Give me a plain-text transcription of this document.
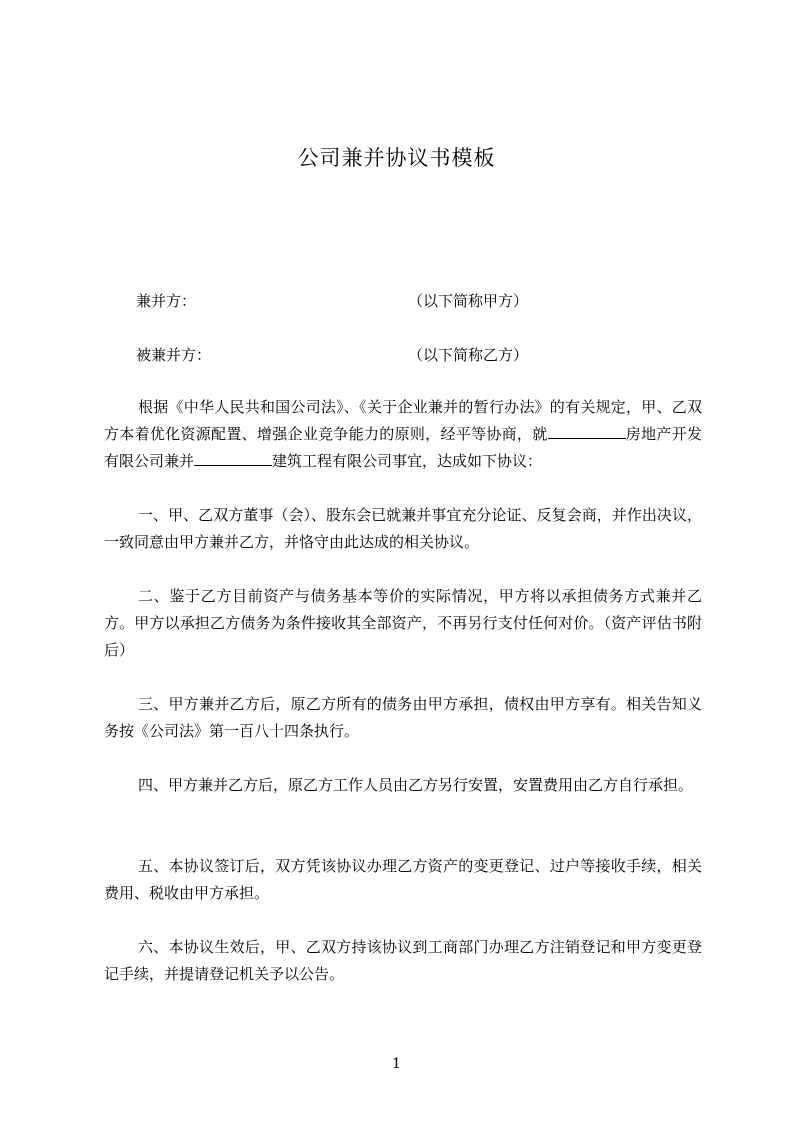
公司兼并协议书模板
兼并方：	（以下简称甲方）
被兼并方：	（以下简称乙方）

根据《中华人民共和国公司法》、《关于企业兼并的暂行办法》的有关规定，甲、乙双方本着优化资源配置、增强企业竞争能力的原则，经平等协商，就	房地产开发有限公司兼并	建筑工程有限公司事宜，达成如下协议：

一、甲、乙双方董事（会）、股东会已就兼并事宜充分论证、反复会商，并作出决议，一致同意由甲方兼并乙方，并恪守由此达成的相关协议。

二、鉴于乙方目前资产与债务基本等价的实际情况，甲方将以承担债务方式兼并乙方。甲方以承担乙方债务为条件接收其全部资产，不再另行支付任何对价。（资产评估书附后）

三、甲方兼并乙方后，原乙方所有的债务由甲方承担，债权由甲方享有。相关告知义务按《公司法》第一百八十四条执行。

四、甲方兼并乙方后，原乙方工作人员由乙方另行安置，安置费用由乙方自行承担。

五、本协议签订后，双方凭该协议办理乙方资产的变更登记、过户等接收手续，相关费用、税收由甲方承担。

六、本协议生效后，甲、乙双方持该协议到工商部门办理乙方注销登记和甲方变更登记手续，并提请登记机关予以公告。

1
